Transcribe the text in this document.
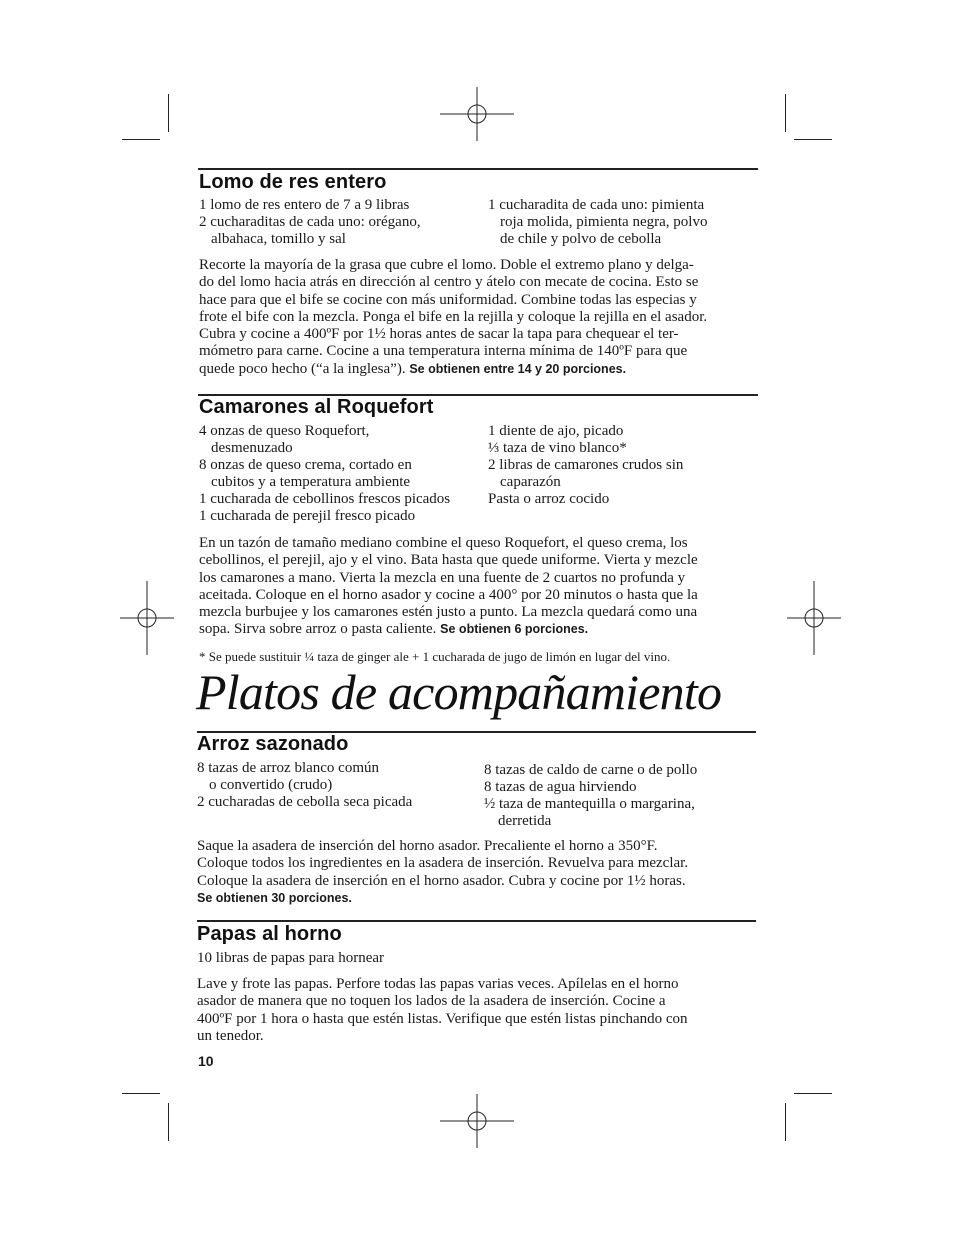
Lomo de res entero
1 lomo de res entero de 7 a 9 libras
2 cucharaditas de cada uno: orégano,
albahaca, tomillo y sal
1 cucharadita de cada uno: pimienta
roja molida, pimienta negra, polvo
de chile y polvo de cebolla
Recorte la mayoría de la grasa que cubre el lomo. Doble el extremo plano y delga-
do del lomo hacia atrás en dirección al centro y átelo con mecate de cocina. Esto se
hace para que el bife se cocine con más uniformidad. Combine todas las especias y
frote el bife con la mezcla. Ponga el bife en la rejilla y coloque la rejilla en el asador.
Cubra y cocine a 400ºF por 1½ horas antes de sacar la tapa para chequear el ter-
mómetro para carne. Cocine a una temperatura interna mínima de 140ºF para que
quede poco hecho (“a la inglesa”). Se obtienen entre 14 y 20 porciones.
Camarones al Roquefort
4 onzas de queso Roquefort,
desmenuzado
8 onzas de queso crema, cortado en
cubitos y a temperatura ambiente
1 cucharada de cebollinos frescos picados
1 cucharada de perejil fresco picado
1 diente de ajo, picado
⅓ taza de vino blanco*
2 libras de camarones crudos sin
caparazón
Pasta o arroz cocido
En un tazón de tamaño mediano combine el queso Roquefort, el queso crema, los
cebollinos, el perejil, ajo y el vino. Bata hasta que quede uniforme. Vierta y mezcle
los camarones a mano. Vierta la mezcla en una fuente de 2 cuartos no profunda y
aceitada. Coloque en el horno asador y cocine a 400° por 20 minutos o hasta que la
mezcla burbujee y los camarones estén justo a punto. La mezcla quedará como una
sopa. Sirva sobre arroz o pasta caliente. Se obtienen 6 porciones.
* Se puede sustituir ¼ taza de ginger ale + 1 cucharada de jugo de limón en lugar del vino.
Platos de acompañamiento
Arroz sazonado
8 tazas de arroz blanco común
o convertido (crudo)
2 cucharadas de cebolla seca picada
8 tazas de caldo de carne o de pollo
8 tazas de agua hirviendo
½ taza de mantequilla o margarina,
derretida
Saque la asadera de inserción del horno asador. Precaliente el horno a 350°F.
Coloque todos los ingredientes en la asadera de inserción. Revuelva para mezclar.
Coloque la asadera de inserción en el horno asador. Cubra y cocine por 1½ horas.
Se obtienen 30 porciones.
Papas al horno
10 libras de papas para hornear
Lave y frote las papas. Perfore todas las papas varias veces. Apílelas en el horno
asador de manera que no toquen los lados de la asadera de inserción. Cocine a
400ºF por 1 hora o hasta que estén listas. Verifique que estén listas pinchando con
un tenedor.
10
